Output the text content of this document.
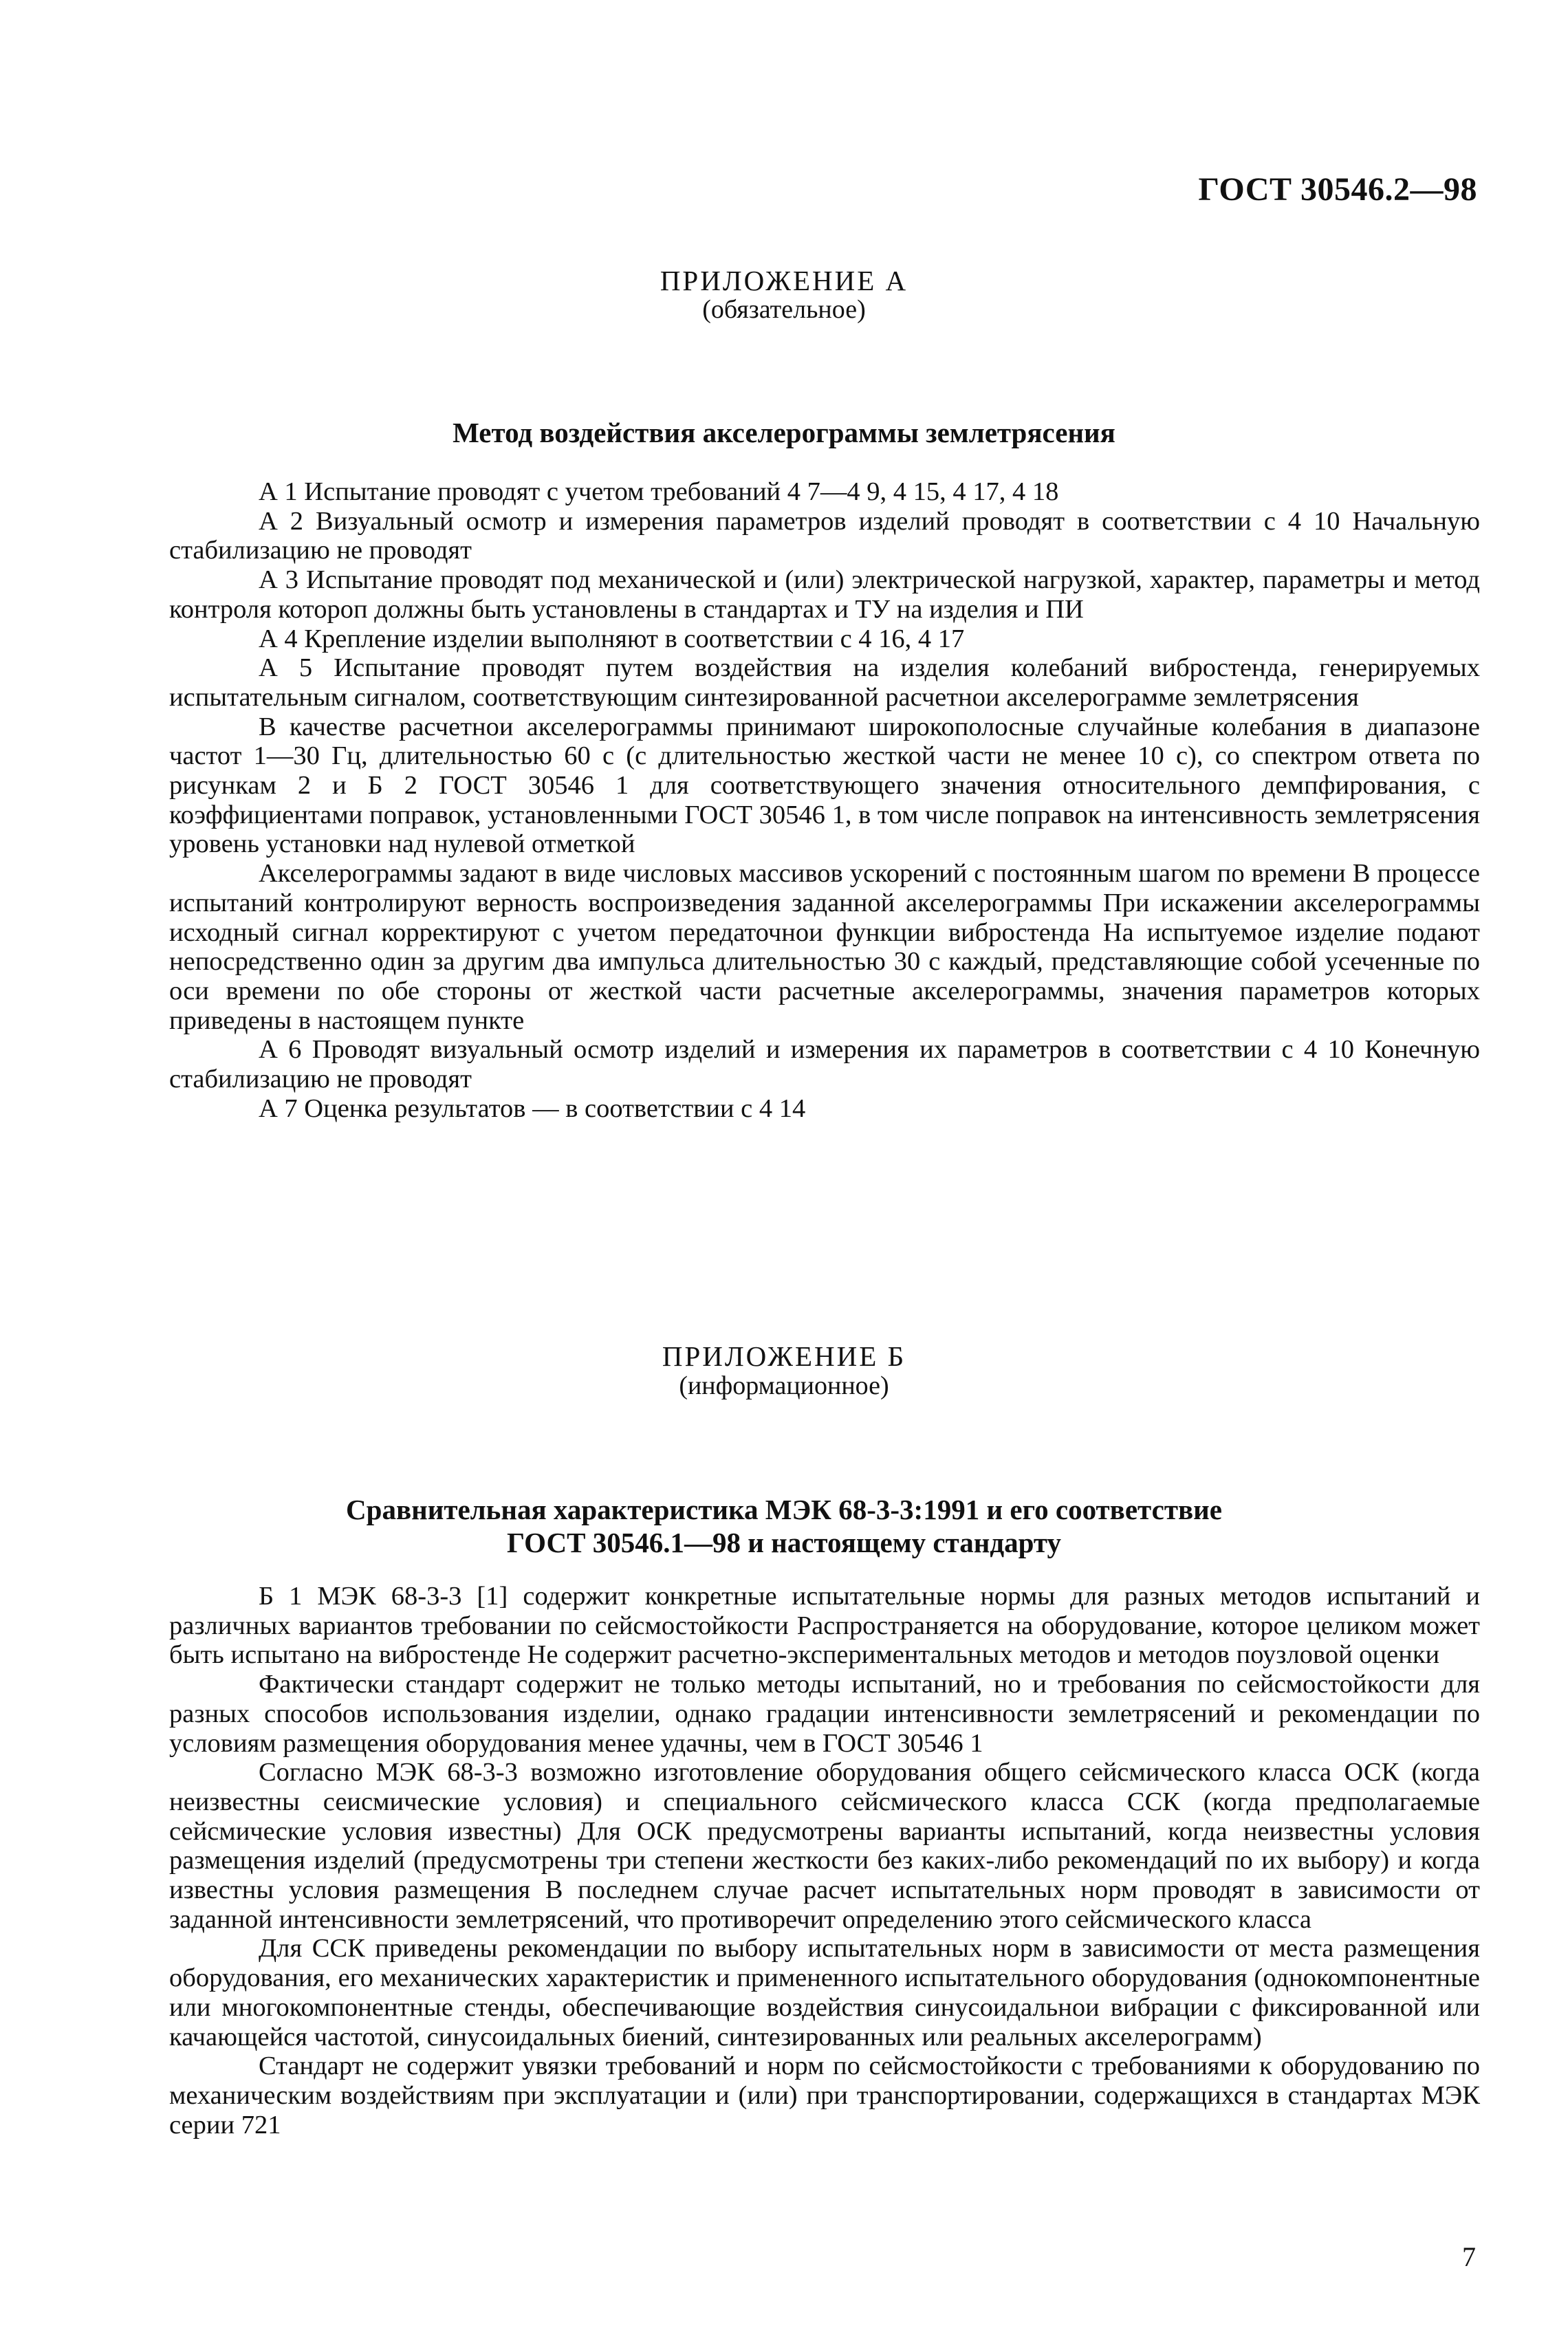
ГОСТ 30546.2—98
ПРИЛОЖЕНИЕ А
(обязательное)
Метод воздействия акселерограммы землетрясения

А 1 Испытание проводят с учетом требований 4 7—4 9, 4 15, 4 17, 4 18

А 2 Визуальный осмотр и измерения параметров изделий проводят в соответствии с 4 10 Начальную стабилизацию не проводят

А 3 Испытание проводят под механической и (или) электрической нагрузкой, характер, параметры и метод контроля котороп должны быть установлены в стандартах и ТУ на изделия и ПИ

А 4 Крепление изделии выполняют в соответствии с 4 16, 4 17

А 5 Испытание проводят путем воздействия на изделия колебаний вибростенда, генерируемых испытательным сигналом, соответствующим синтезированной расчетнои акселерограмме землетрясения

В качестве расчетнои акселерограммы принимают широкополосные случайные колебания в диапазоне частот 1—30 Гц, длительностью 60 с (с длительностью жесткой части не менее 10 с), со спектром ответа по рисункам 2 и Б 2 ГОСТ 30546 1 для соответствующего значения относительного демпфирования, с коэффициентами поправок, установленными ГОСТ 30546 1, в том числе поправок на интенсивность землетрясения уровень установки над нулевой отметкой

Акселерограммы задают в виде числовых массивов ускорений с постоянным шагом по времени В процессе испытаний контролируют верность воспроизведения заданной акселерограммы При искажении акселерограммы исходный сигнал корректируют с учетом передаточнои функции вибростенда На испытуемое изделие подают непосредственно один за другим два импульса длительностью 30 с каждый, представляющие собой усеченные по оси времени по обе стороны от жесткой части расчетные акселерограммы, значения параметров которых приведены в настоящем пункте

А 6 Проводят визуальный осмотр изделий и измерения их параметров в соответствии с 4 10 Конечную стабилизацию не проводят

А 7 Оценка результатов — в соответствии с 4 14

ПРИЛОЖЕНИЕ Б
(информационное)
Сравнительная характеристика МЭК 68-3-3:1991 и его соответствие
ГОСТ 30546.1—98 и настоящему стандарту

Б 1 МЭК 68-3-3 [1] содержит конкретные испытательные нормы для разных методов испытаний и различных вариантов требовании по сейсмостойкости Распространяется на оборудование, которое целиком может быть испытано на вибростенде Не содержит расчетно-экспериментальных методов и методов поузловой оценки

Фактически стандарт содержит не только методы испытаний, но и требования по сейсмостойкости для разных способов использования изделии, однако градации интенсивности землетрясений и рекомендации по условиям размещения оборудования менее удачны, чем в ГОСТ 30546 1

Согласно МЭК 68-3-3 возможно изготовление оборудования общего сейсмического класса ОСК (когда неизвестны сеисмические условия) и специального сейсмического класса ССК (когда предполагаемые сейсмические условия известны) Для ОСК предусмотрены варианты испытаний, когда неизвестны условия размещения изделий (предусмотрены три степени жесткости без каких-либо рекомендаций по их выбору) и когда известны условия размещения В последнем случае расчет испытательных норм проводят в зависимости от заданной интенсивности землетрясений, что противоречит определению этого сейсмического класса

Для ССК приведены рекомендации по выбору испытательных норм в зависимости от места размещения оборудования, его механических характеристик и примененного испытательного оборудования (однокомпонентные или многокомпонентные стенды, обеспечивающие воздействия синусоидальнои вибрации с фиксированной или качающейся частотой, синусоидальных биений, синтезированных или реальных акселерограмм)

Стандарт не содержит увязки требований и норм по сейсмостойкости с требованиями к оборудованию по механическим воздействиям при эксплуатации и (или) при транспортировании, содержащихся в стандартах МЭК серии 721

7
